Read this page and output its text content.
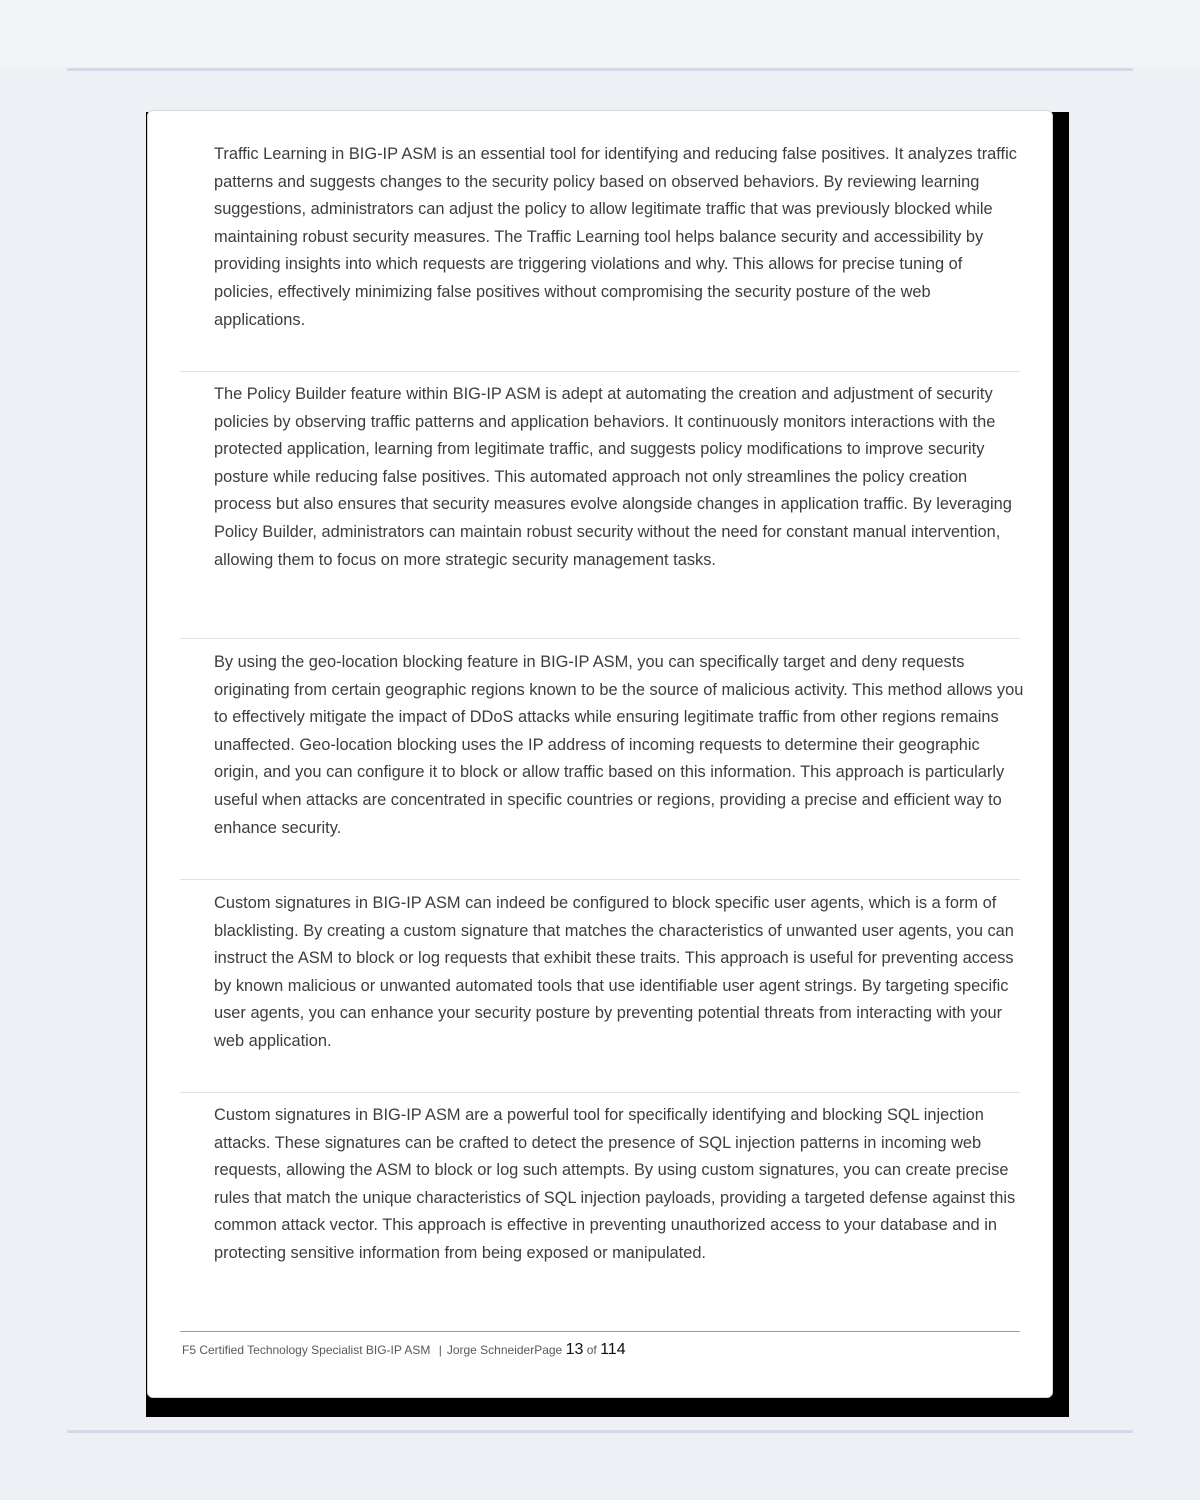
Traffic Learning in BIG-IP ASM is an essential tool for identifying and reducing false positives. It analyzes traffic patterns and suggests changes to the security policy based on observed behaviors. By reviewing learning suggestions, administrators can adjust the policy to allow legitimate traffic that was previously blocked while maintaining robust security measures. The Traffic Learning tool helps balance security and accessibility by providing insights into which requests are triggering violations and why. This allows for precise tuning of policies, effectively minimizing false positives without compromising the security posture of the web applications.

The Policy Builder feature within BIG-IP ASM is adept at automating the creation and adjustment of security policies by observing traffic patterns and application behaviors. It continuously monitors interactions with the protected application, learning from legitimate traffic, and suggests policy modifications to improve security posture while reducing false positives. This automated approach not only streamlines the policy creation process but also ensures that security measures evolve alongside changes in application traffic. By leveraging Policy Builder, administrators can maintain robust security without the need for constant manual intervention, allowing them to focus on more strategic security management tasks.

By using the geo-location blocking feature in BIG-IP ASM, you can specifically target and deny requests originating from certain geographic regions known to be the source of malicious activity. This method allows you to effectively mitigate the impact of DDoS attacks while ensuring legitimate traffic from other regions remains unaffected. Geo-location blocking uses the IP address of incoming requests to determine their geographic origin, and you can configure it to block or allow traffic based on this information. This approach is particularly useful when attacks are concentrated in specific countries or regions, providing a precise and efficient way to enhance security.

Custom signatures in BIG-IP ASM can indeed be configured to block specific user agents, which is a form of blacklisting. By creating a custom signature that matches the characteristics of unwanted user agents, you can instruct the ASM to block or log requests that exhibit these traits. This approach is useful for preventing access by known malicious or unwanted automated tools that use identifiable user agent strings. By targeting specific user agents, you can enhance your security posture by preventing potential threats from interacting with your web application.

Custom signatures in BIG-IP ASM are a powerful tool for specifically identifying and blocking SQL injection attacks. These signatures can be crafted to detect the presence of SQL injection patterns in incoming web requests, allowing the ASM to block or log such attempts. By using custom signatures, you can create precise rules that match the unique characteristics of SQL injection payloads, providing a targeted defense against this common attack vector. This approach is effective in preventing unauthorized access to your database and in protecting sensitive information from being exposed or manipulated.

F5 Certified Technology Specialist BIG-IP ASM | Jorge SchneiderPage 13 of 114
